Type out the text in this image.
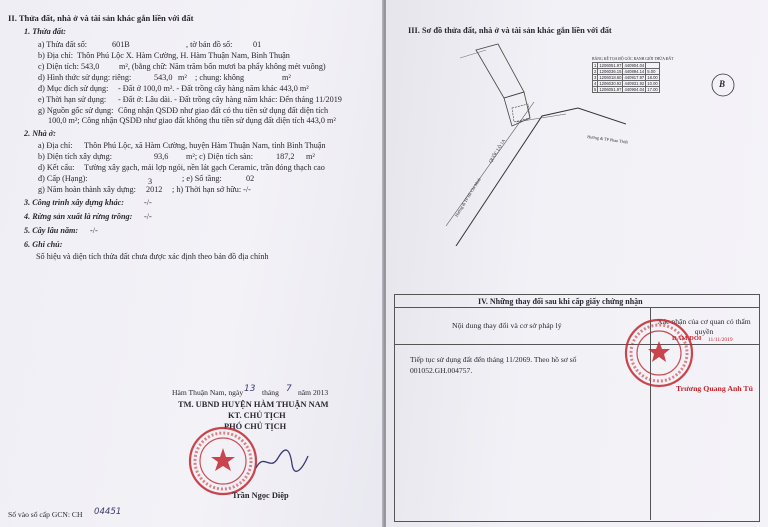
II. Thửa đất, nhà ở và tài sản khác gắn liền với đất
1. Thửa đất:
a) Thửa đất số:	601B	, tờ bản đồ số:	01
b) Địa chỉ: Thôn Phú Lộc X. Hàm Cường, H. Hàm Thuận Nam, Bình Thuận
c) Diện tích: 543,0 m², (bằng chữ: Năm trăm bốn mươi ba phẩy không mét vuông)
d) Hình thức sử dụng: riêng:	543,0 m² ; chung: không	m²
đ) Mục đích sử dụng: - Đất ở 100,0 m². - Đất trồng cây hàng năm khác 443,0 m²
e) Thời hạn sử dụng: - Đất ở: Lâu dài. - Đất trồng cây hàng năm khác: Đến tháng 11/2019
g) Nguồn gốc sử dụng: Công nhận QSDĐ như giao đất có thu tiền sử dụng đất diện tích
100,0 m²; Công nhận QSDĐ như giao đất không thu tiền sử dụng đất diện tích 443,0 m²
2. Nhà ở:
a) Địa chỉ: Thôn Phú Lộc, xã Hàm Cường, huyện Hàm Thuận Nam, tỉnh Bình Thuận
b) Diện tích xây dựng:	93,6 m²; c) Diện tích sàn:	187,2 m²
d) Kết cấu: Tường xây gạch, mái lợp ngói, nền lát gạch Ceramic, trần đóng thạch cao
đ) Cấp (Hạng):	3	; e) Số tầng:	02
g) Năm hoàn thành xây dựng: 2012 ; h) Thời hạn sở hữu: -/-
3. Công trình xây dựng khác: -/-
4. Rừng sản xuất là rừng trồng: -/-
5. Cây lâu năm: -/-
6. Ghi chú:
Số hiệu và diện tích thửa đất chưa được xác định theo bản đồ địa chính
Hàm Thuận Nam, ngày 13 tháng 7 năm 2013
TM. UBND HUYỆN HÀM THUẬN NAM
KT. CHỦ TỊCH
PHÓ CHỦ TỊCH
Trần Ngọc Diệp
Số vào sổ cấp GCN: CH 04451
III. Sơ đồ thửa đất, nhà ở và tài sản khác gắn liền với đất
QUỐC LỘ 1A
Hướng đi TP Hồ Chí Minh
Hướng đi TP Phan Thiết
BẢNG KÊ TỌA ĐỘ GÓC RANH GIỚI THỬA ĐẤT
1	1206051.97	440904.04	
2	1206036.15	440894.14	5.00
3	1206018.60	440917.97	18.00
4	1206030.92	440931.92	10.00
5	1206051.97	440904.04	17.00
B
IV. Những thay đổi sau khi cấp giấy chứng nhận
Nội dung thay đổi và cơ sở pháp lý	Xác nhận của cơ quan có thẩm quyền
Tiếp tục sử dụng đất đến tháng 11/2069. Theo hồ sơ số
001052.GH.004757.
DAM DOI 11/11/2019
Trương Quang Anh Tú
